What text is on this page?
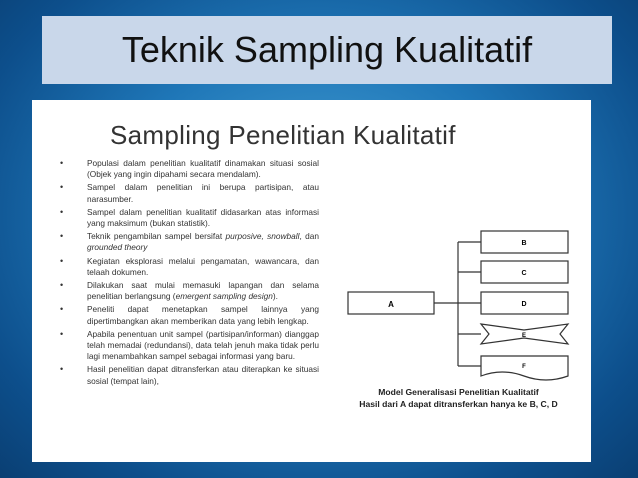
Teknik Sampling Kualitatif
Sampling Penelitian Kualitatif
• Populasi dalam penelitian kualitatif dinamakan situasi sosial (Objek yang ingin dipahami secara mendalam).
• Sampel dalam penelitian ini berupa partisipan, atau narasumber.
• Sampel dalam penelitian kualitatif didasarkan atas informasi yang maksimum (bukan statistik).
• Teknik pengambilan sampel bersifat purposive, snowball, dan grounded theory
• Kegiatan eksplorasi melalui pengamatan, wawancara, dan telaah dokumen.
• Dilakukan saat mulai memasuki lapangan dan selama penelitian berlangsung (emergent sampling design).
• Peneliti dapat menetapkan sampel lainnya yang dipertimbangkan akan memberikan data yang lebih lengkap.
• Apabila penentuan unit sampel (partisipan/informan) dianggap telah memadai (redundansi), data telah jenuh maka tidak perlu lagi menambahkan sampel sebagai informasi yang baru.
• Hasil penelitian dapat ditransferkan atau diterapkan ke situasi sosial (tempat lain),
A
B
C
D
E
F
Model Generalisasi Penelitian Kualitatif
Hasil dari A dapat ditransferkan hanya ke B, C, D
